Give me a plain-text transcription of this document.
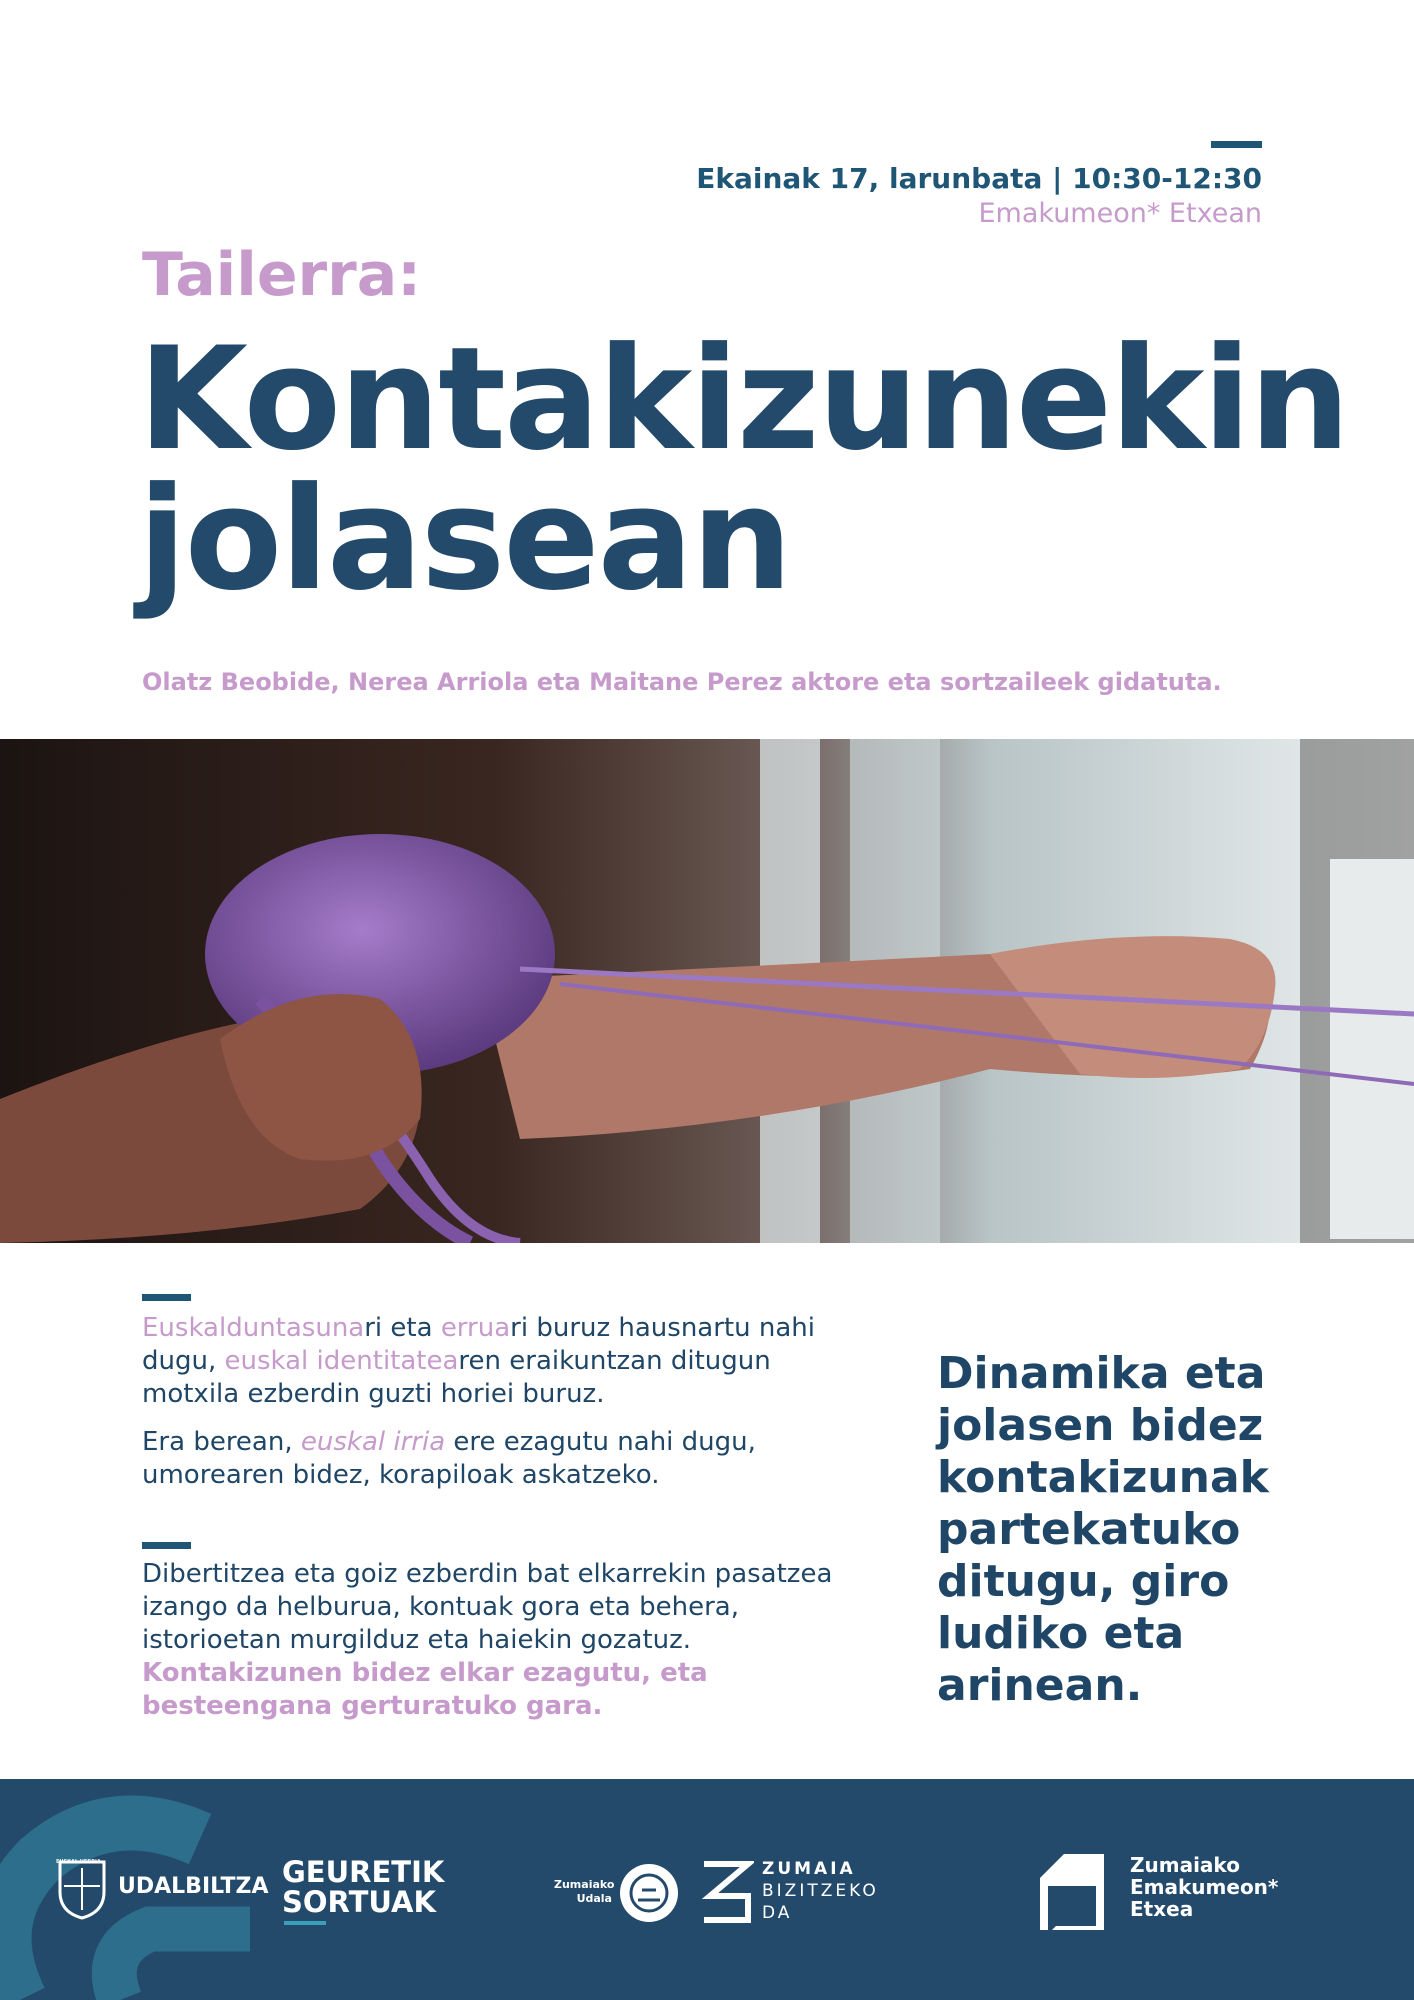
Ekainak 17, larunbata | 10:30-12:30
Emakumeon* Etxean
Tailerra:
Kontakizunekin
jolasean
Olatz Beobide, Nerea Arriola eta Maitane Perez aktore eta sortzaileek gidatuta.
Euskalduntasunari eta erruari buruz hausnartu nahi dugu, euskal identitatearen eraikuntzan ditugun motxila ezberdin guzti horiei buruz.
Era berean, euskal irria ere ezagutu nahi dugu, umorearen bidez, korapiloak askatzeko.
Dibertitzea eta goiz ezberdin bat elkarrekin pasatzea izango da helburua, kontuak gora eta behera, istorioetan murgilduz eta haiekin gozatuz. Kontakizunen bidez elkar ezagutu, eta besteengana gerturatuko gara.
Dinamika eta jolasen bidez kontakizunak partekatuko ditugu, giro ludiko eta arinean.
EUSKAL HERRIA
UDALBILTZA GEURETIK
SORTUAK
Zumaiako
Udala
ZUMAIA
BIZITZEKO
DA
Zumaiako
Emakumeon*
Etxea
